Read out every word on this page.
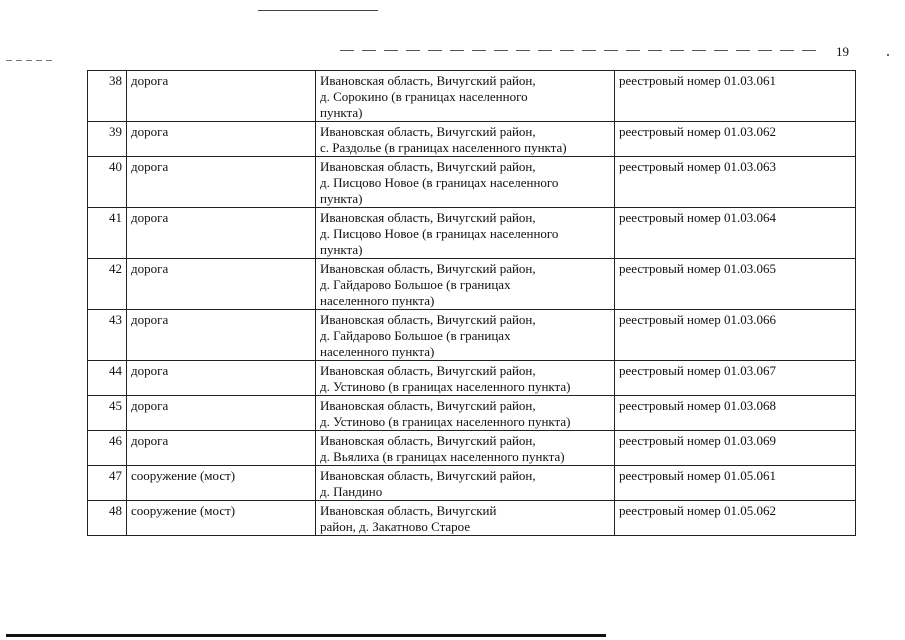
19
38	дорога	Ивановская область, Вичугский район,
д. Сорокино (в границах населенного
пункта)	реестровый номер 01.03.061
39	дорога	Ивановская область, Вичугский район,
с. Раздолье (в границах населенного пункта)	реестровый номер 01.03.062
40	дорога	Ивановская область, Вичугский район,
д. Писцово Новое (в границах населенного
пункта)	реестровый номер 01.03.063
41	дорога	Ивановская область, Вичугский район,
д. Писцово Новое (в границах населенного
пункта)	реестровый номер 01.03.064
42	дорога	Ивановская область, Вичугский район,
д. Гайдарово Большое (в границах
населенного пункта)	реестровый номер 01.03.065
43	дорога	Ивановская область, Вичугский район,
д. Гайдарово Большое (в границах
населенного пункта)	реестровый номер 01.03.066
44	дорога	Ивановская область, Вичугский район,
д. Устиново (в границах населенного пункта)	реестровый номер 01.03.067
45	дорога	Ивановская область, Вичугский район,
д. Устиново (в границах населенного пункта)	реестровый номер 01.03.068
46	дорога	Ивановская область, Вичугский район,
д. Вьялиха (в границах населенного пункта)	реестровый номер 01.03.069
47	сооружение (мост)	Ивановская область, Вичугский район,
д. Пандино	реестровый номер 01.05.061
48	сооружение (мост)	Ивановская область, Вичугский
район, д. Закатново Старое	реестровый номер 01.05.062
